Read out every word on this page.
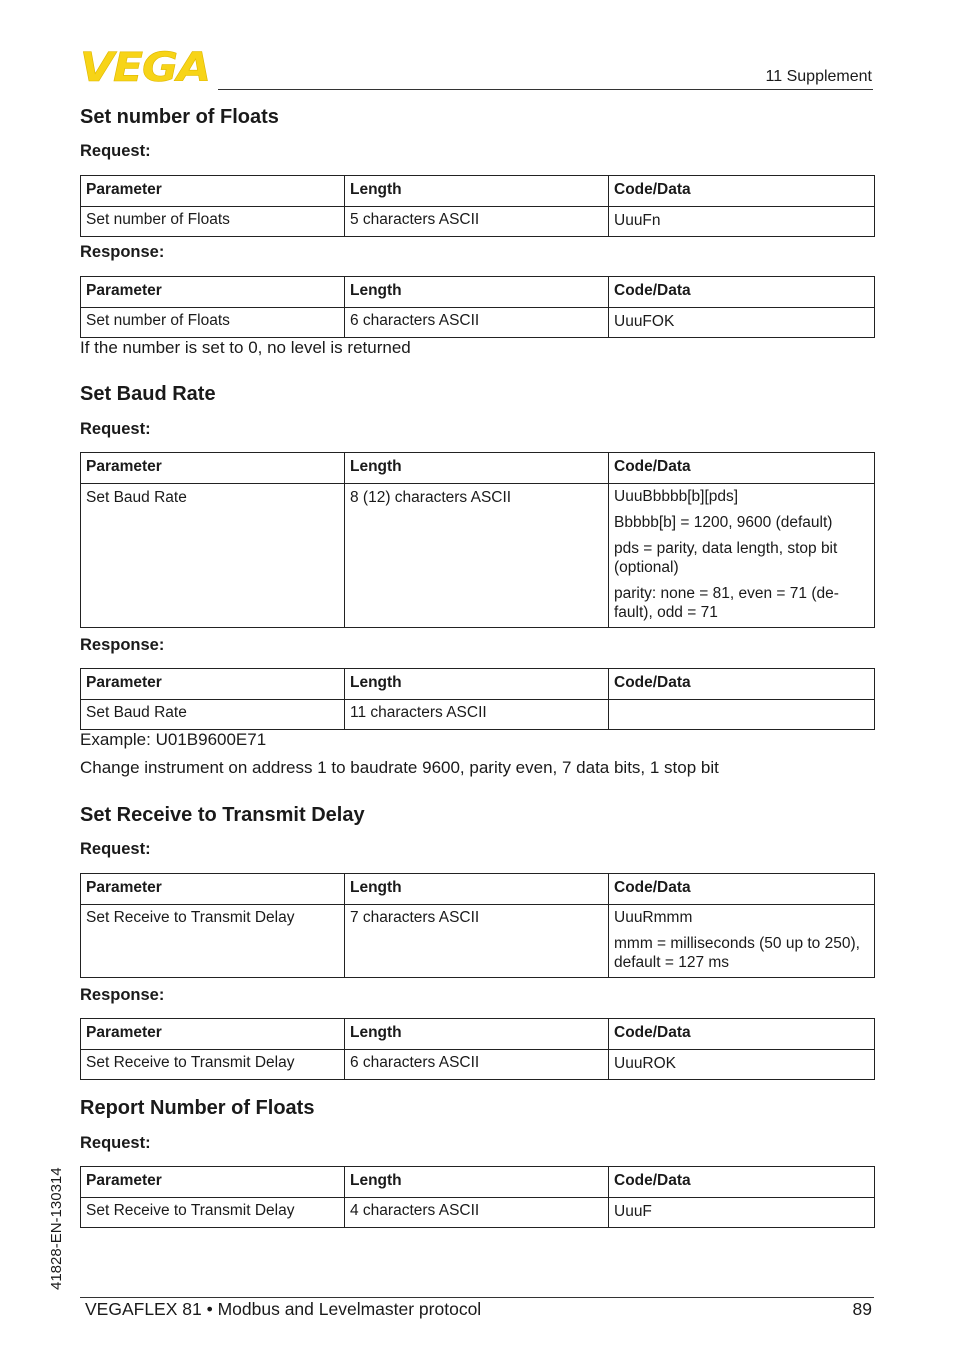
VEGA	11 Supplement
Set number of Floats
Request:
Parameter	Length	Code/Data
Set number of Floats	5 characters ASCII	UuuFn

Response:
Parameter	Length	Code/Data
Set number of Floats	6 characters ASCII	UuuFOK

If the number is set to 0, no level is returned
Set Baud Rate
Request:
Parameter	Length	Code/Data
Set Baud Rate	8 (12) characters ASCII	UuuBbbbb[b][pds]

Bbbbb[b] = 1200, 9600 (default)

pds = parity, data length, stop bit (optional)

parity: none = 81, even = 71 (de-fault), odd = 71

Response:
Parameter	Length	Code/Data
Set Baud Rate	11 characters ASCII	

Example: U01B9600E71
Change instrument on address 1 to baudrate 9600, parity even, 7 data bits, 1 stop bit
Set Receive to Transmit Delay
Request:
Parameter	Length	Code/Data
Set Receive to Transmit Delay	7 characters ASCII	UuuRmmm

mmm = milliseconds (50 up to 250), default = 127 ms

Response:
Parameter	Length	Code/Data
Set Receive to Transmit Delay	6 characters ASCII	UuuROK

Report Number of Floats
Request:
Parameter	Length	Code/Data
Set Receive to Transmit Delay	4 characters ASCII	UuuF

41828-EN-130314
VEGAFLEX 81 • Modbus and Levelmaster protocol	89
